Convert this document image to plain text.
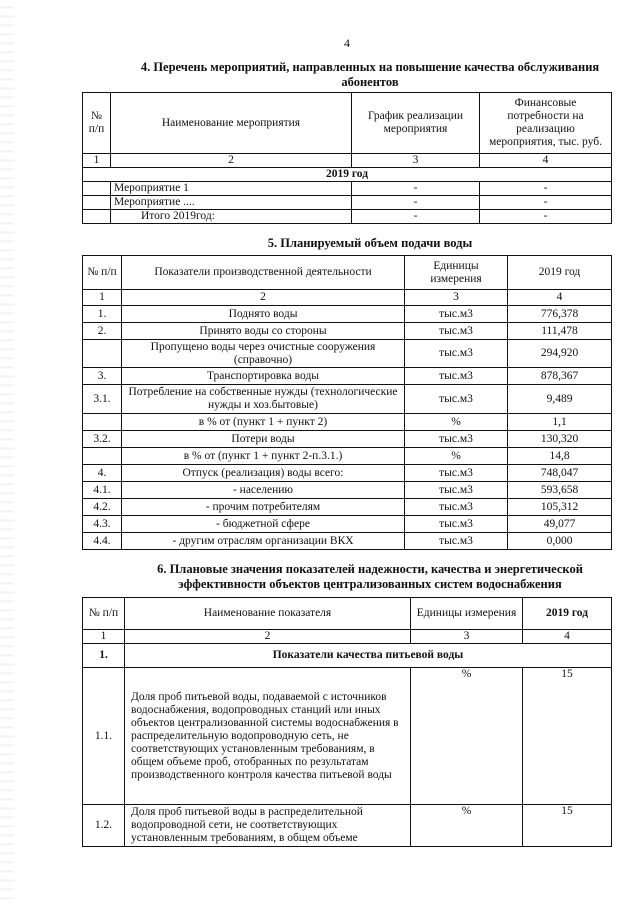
4
4. Перечень мероприятий, направленных на повышение качества обслуживания
абонентов
№ п/п	Наименование мероприятия	График реализации мероприятия	Финансовые потребности на реализацию мероприятия, тыс. руб.
1	2	3	4
2019 год			
	Мероприятие 1	-	-
	Мероприятие ....	-	-
	Итого 2019год:	-	-
5. Планируемый объем подачи воды
№ п/п	Показатели производственной деятельности	Единицы измерения	2019 год
1	2	3	4
1.	Поднято воды	тыс.м3	776,378
2.	Принято воды со стороны	тыс.м3	111,478
	Пропущено воды через очистные сооружения (справочно)	тыс.м3	294,920
3.	Транспортировка воды	тыс.м3	878,367
3.1.	Потребление на собственные нужды (технологические нужды и хоз.бытовые)	тыс.м3	9,489
	в % от (пункт 1 + пункт 2)	%	1,1
3.2.	Потери воды	тыс.м3	130,320
	в % от (пункт 1 + пункт 2-п.3.1.)	%	14,8
4.	Отпуск (реализация) воды всего:	тыс.м3	748,047
4.1.	- населению	тыс.м3	593,658
4.2.	- прочим потребителям	тыс.м3	105,312
4.3.	- бюджетной сфере	тыс.м3	49,077
4.4.	- другим отраслям организации ВКХ	тыс.м3	0,000
6. Плановые значения показателей надежности, качества и энергетической
эффективности объектов централизованных систем водоснабжения
№ п/п	Наименование показателя	Единицы измерения	2019 год
1	2	3	4
1.	Показатели качества питьевой воды		
1.1.	Доля проб питьевой воды, подаваемой с источников водоснабжения, водопроводных станций или иных объектов централизованной системы водоснабжения в распределительную водопроводную сеть, не соответствующих установленным требованиям, в общем объеме проб, отобранных по результатам производственного контроля качества питьевой воды	%	15
1.2.	Доля проб питьевой воды в распределительной водопроводной сети, не соответствующих установленным требованиям, в общем объеме	%	15
